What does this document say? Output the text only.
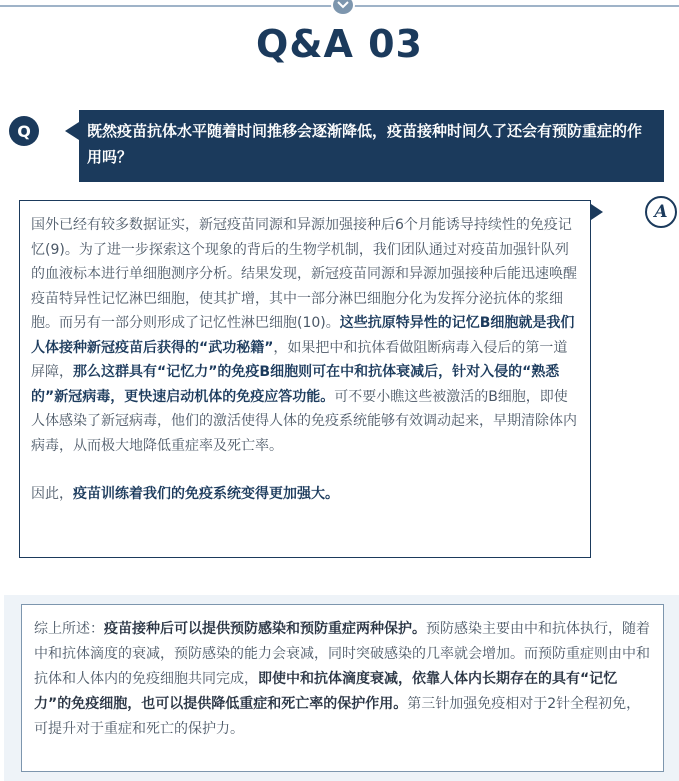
Q&A 03
Q	既然疫苗抗体水平随着时间推移会逐渐降低，疫苗接种时间久了还会有预防重症的作用吗？
A

国外已经有较多数据证实，新冠疫苗同源和异源加强接种后6个月能诱导持续性的免疫记忆(9)。为了进一步探索这个现象的背后的生物学机制，我们团队通过对疫苗加强针队列的血液标本进行单细胞测序分析。结果发现，新冠疫苗同源和异源加强接种后能迅速唤醒疫苗特异性记忆淋巴细胞，使其扩增，其中一部分淋巴细胞分化为发挥分泌抗体的浆细胞。而另有一部分则形成了记忆性淋巴细胞(10)。这些抗原特异性的记忆B细胞就是我们人体接种新冠疫苗后获得的“武功秘籍”，如果把中和抗体看做阻断病毒入侵后的第一道屏障，那么这群具有“记忆力”的免疫B细胞则可在中和抗体衰减后，针对入侵的“熟悉的”新冠病毒，更快速启动机体的免疫应答功能。可不要小瞧这些被激活的B细胞，即使人体感染了新冠病毒，他们的激活使得人体的免疫系统能够有效调动起来，早期清除体内病毒，从而极大地降低重症率及死亡率。

因此，疫苗训练着我们的免疫系统变得更加强大。

综上所述：疫苗接种后可以提供预防感染和预防重症两种保护。预防感染主要由中和抗体执行，随着中和抗体滴度的衰减，预防感染的能力会衰减，同时突破感染的几率就会增加。而预防重症则由中和抗体和人体内的免疫细胞共同完成，即使中和抗体滴度衰减，依靠人体内长期存在的具有“记忆力”的免疫细胞，也可以提供降低重症和死亡率的保护作用。第三针加强免疫相对于2针全程初免，可提升对于重症和死亡的保护力。
